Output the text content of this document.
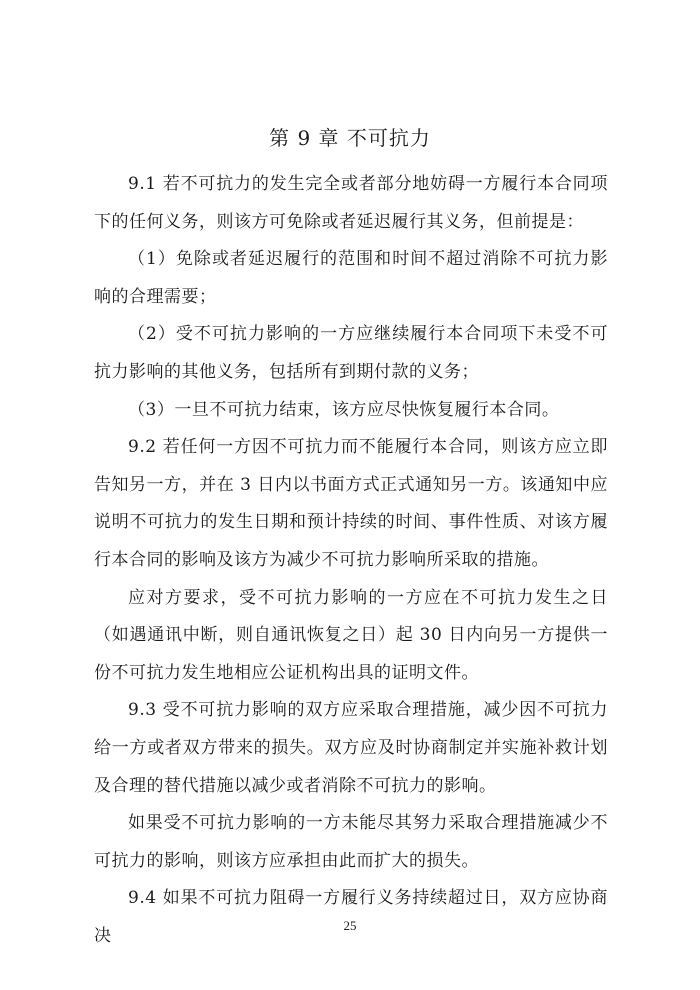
第 9 章 不可抗力

9.1 若不可抗力的发生完全或者部分地妨碍一方履行本合同项下的任何义务，则该方可免除或者延迟履行其义务，但前提是：

（1）免除或者延迟履行的范围和时间不超过消除不可抗力影响的合理需要；

（2）受不可抗力影响的一方应继续履行本合同项下未受不可抗力影响的其他义务，包括所有到期付款的义务；

（3）一旦不可抗力结束，该方应尽快恢复履行本合同。

9.2 若任何一方因不可抗力而不能履行本合同，则该方应立即告知另一方，并在 3 日内以书面方式正式通知另一方。该通知中应说明不可抗力的发生日期和预计持续的时间、事件性质、对该方履行本合同的影响及该方为减少不可抗力影响所采取的措施。

应对方要求，受不可抗力影响的一方应在不可抗力发生之日（如遇通讯中断，则自通讯恢复之日）起 30 日内向另一方提供一份不可抗力发生地相应公证机构出具的证明文件。

9.3 受不可抗力影响的双方应采取合理措施，减少因不可抗力给一方或者双方带来的损失。双方应及时协商制定并实施补救计划及合理的替代措施以减少或者消除不可抗力的影响。

如果受不可抗力影响的一方未能尽其努力采取合理措施减少不可抗力的影响，则该方应承担由此而扩大的损失。

9.4 如果不可抗力阻碍一方履行义务持续超过日，双方应协商决

25
